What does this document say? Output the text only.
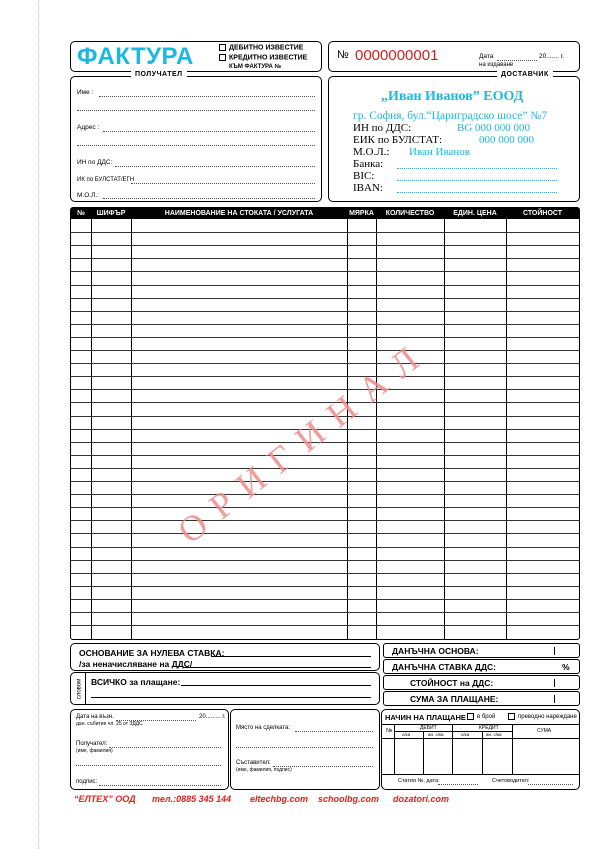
ФАКТУРА	ДЕБИТНО ИЗВЕСТИЕ
КРЕДИТНО ИЗВЕСТИЕ
КЪМ ФАКТУРА №
№ 0000000001	Дата	20....... г.
на издаване
ПОЛУЧАТЕЛ
Име :
Адрес :
ИН по ДДС:
ИК по БУЛСТАТ/ЕГН
М.О.Л.:
ДОСТАВЧИК
„Иван Иванов” ЕООД
гр. София, бул.“Цариградско шосе” №7
ИН по ДДС:	BG 000 000 000
ЕИК по БУЛСТАТ:	000 000 000
М.О.Л.: Иван Иванов
Банка:
BIC:
IBAN:
№	ШИФЪР	НАИМЕНОВАНИЕ НА СТОКАТА / УСЛУГАТА	МЯРКА	КОЛИЧЕСТВО	ЕДИН. ЦЕНА	СТОЙНОСТ
ОРИГИНАЛ
ОСНОВАНИЕ ЗА НУЛЕВА СТАВКА:
/за неначисляване на ДДС/
словом ВСИЧКО за плащане:
ДАНЪЧНА ОСНОВА:
ДАНЪЧНА СТАВКА ДДС:	%
СТОЙНОСТ на ДДС:
СУМА ЗА ПЛАЩАНЕ:
Дата на възн.	20......... г.
дан. събитие чл. 25 от ЗДДС
Получател:
(име, фамилия)
подпис:
Място на сделката:
Съставител:
(име, фамилия, подпис)
НАЧИН НА ПЛАЩАНЕ	в брой	преводно нареждане
№	ДЕБИТ	КРЕДИТ	СУМА
с/ка	ан. с/ка	с/ка	ан. с/ка
Статия №, дата:	Счетоводител:
“ЕЛТЕХ” ООД тел.:0885 345 144 eltechbg.com schoolbg.com dozatori.com
